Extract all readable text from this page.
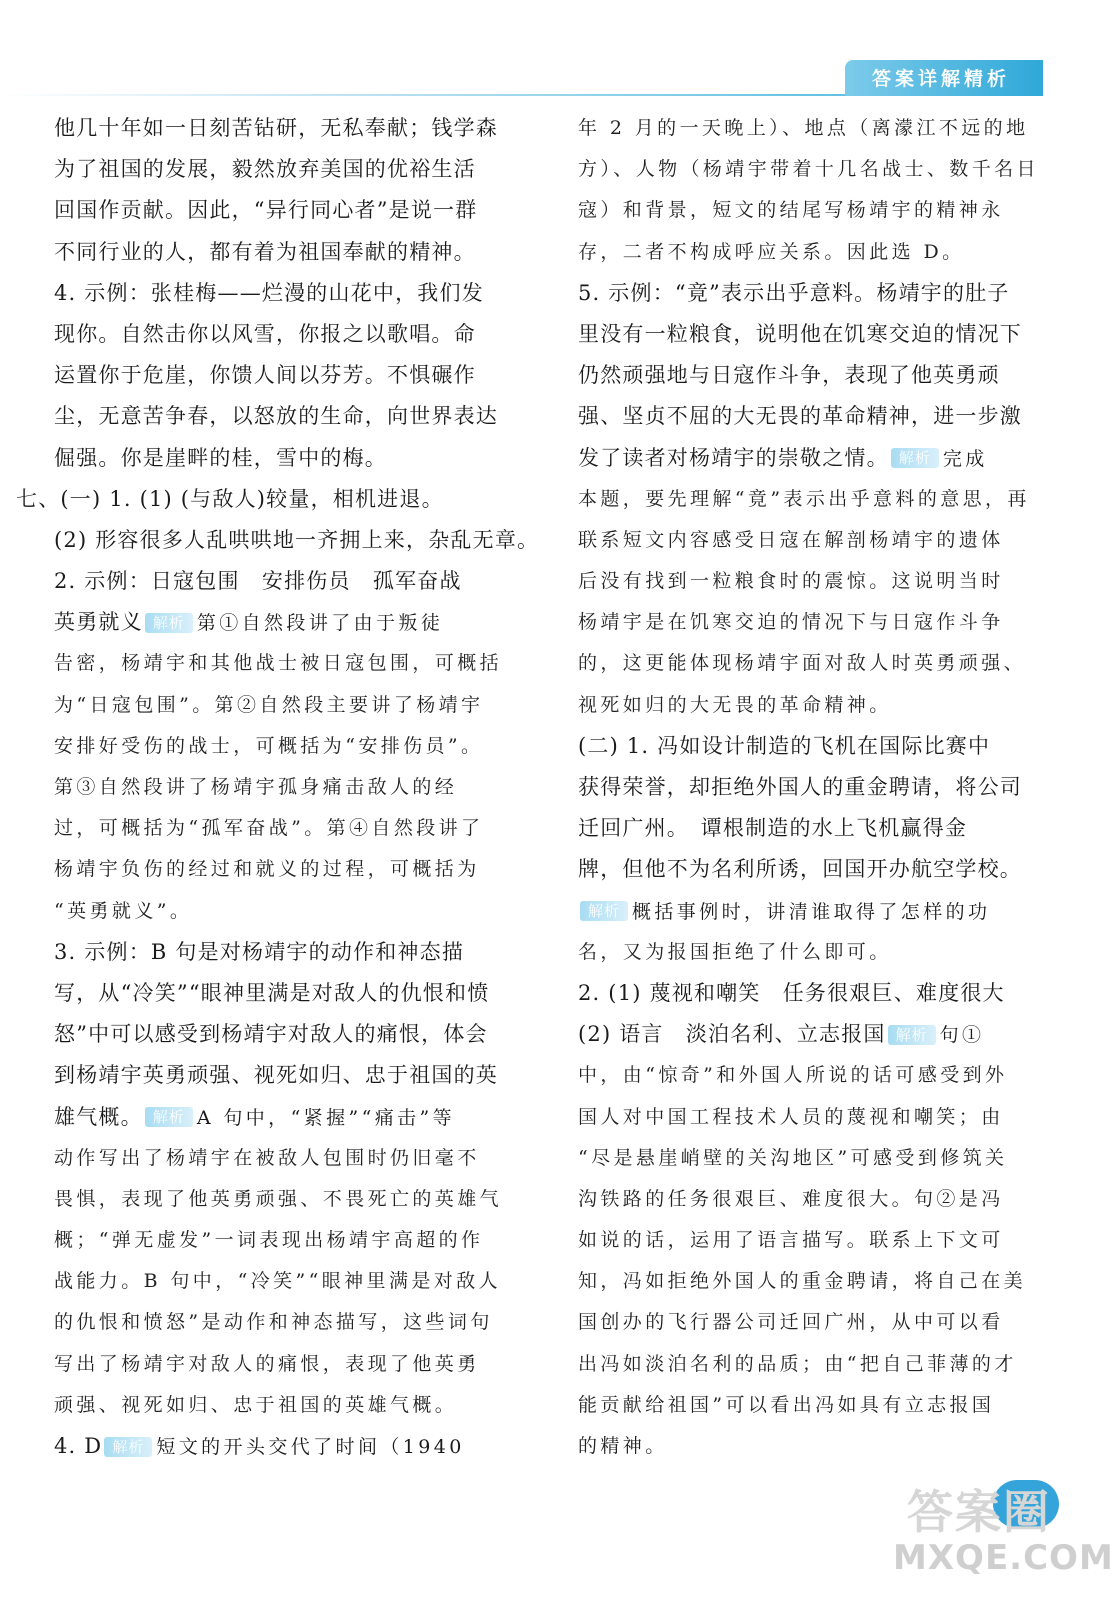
答案详解精析
他几十年如一日刻苦钻研，无私奉献；钱学森
为了祖国的发展，毅然放弃美国的优裕生活
回国作贡献。因此，“异行同心者”是说一群
不同行业的人，都有着为祖国奉献的精神。
4. 示例：张桂梅——烂漫的山花中，我们发
现你。自然击你以风雪，你报之以歌唱。命
运置你于危崖，你馈人间以芬芳。不惧碾作
尘，无意苦争春，以怒放的生命，向世界表达
倔强。你是崖畔的桂，雪中的梅。
七、(一) 1. (1) (与敌人)较量，相机进退。
(2) 形容很多人乱哄哄地一齐拥上来，杂乱无章。
2. 示例：日寇包围　安排伤员　孤军奋战
英勇就义 解析 第①自然段讲了由于叛徒
告密，杨靖宇和其他战士被日寇包围，可概括
为“日寇包围”。第②自然段主要讲了杨靖宇
安排好受伤的战士，可概括为“安排伤员”。
第③自然段讲了杨靖宇孤身痛击敌人的经
过，可概括为“孤军奋战”。第④自然段讲了
杨靖宇负伤的经过和就义的过程，可概括为
“英勇就义”。
3. 示例：B 句是对杨靖宇的动作和神态描
写，从“冷笑”“眼神里满是对敌人的仇恨和愤
怒”中可以感受到杨靖宇对敌人的痛恨，体会
到杨靖宇英勇顽强、视死如归、忠于祖国的英
雄气概。 解析 A 句中，“紧握”“痛击”等
动作写出了杨靖宇在被敌人包围时仍旧毫不
畏惧，表现了他英勇顽强、不畏死亡的英雄气
概；“弹无虚发”一词表现出杨靖宇高超的作
战能力。B 句中，“冷笑”“眼神里满是对敌人
的仇恨和愤怒”是动作和神态描写，这些词句
写出了杨靖宇对敌人的痛恨，表现了他英勇
顽强、视死如归、忠于祖国的英雄气概。
4. D 解析 短文的开头交代了时间（1940
年 2 月的一天晚上）、地点（离濛江不远的地
方）、人物（杨靖宇带着十几名战士、数千名日
寇）和背景，短文的结尾写杨靖宇的精神永
存，二者不构成呼应关系。因此选 D。
5. 示例：“竟”表示出乎意料。杨靖宇的肚子
里没有一粒粮食，说明他在饥寒交迫的情况下
仍然顽强地与日寇作斗争，表现了他英勇顽
强、坚贞不屈的大无畏的革命精神，进一步激
发了读者对杨靖宇的崇敬之情。 解析 完成
本题，要先理解“竟”表示出乎意料的意思，再
联系短文内容感受日寇在解剖杨靖宇的遗体
后没有找到一粒粮食时的震惊。这说明当时
杨靖宇是在饥寒交迫的情况下与日寇作斗争
的，这更能体现杨靖宇面对敌人时英勇顽强、
视死如归的大无畏的革命精神。
(二) 1. 冯如设计制造的飞机在国际比赛中
获得荣誉，却拒绝外国人的重金聘请，将公司
迁回广州。　谭根制造的水上飞机赢得金
牌，但他不为名利所诱，回国开办航空学校。
解析 概括事例时，讲清谁取得了怎样的功
名，又为报国拒绝了什么即可。
2. (1) 蔑视和嘲笑　任务很艰巨、难度很大
(2) 语言　淡泊名利、立志报国 解析 句①
中，由“惊奇”和外国人所说的话可感受到外
国人对中国工程技术人员的蔑视和嘲笑；由
“尽是悬崖峭壁的关沟地区”可感受到修筑关
沟铁路的任务很艰巨、难度很大。句②是冯
如说的话，运用了语言描写。联系上下文可
知，冯如拒绝外国人的重金聘请，将自己在美
国创办的飞行器公司迁回广州，从中可以看
出冯如淡泊名利的品质；由“把自己菲薄的才
能贡献给祖国”可以看出冯如具有立志报国
的精神。
答案圈
MXQE.COM
